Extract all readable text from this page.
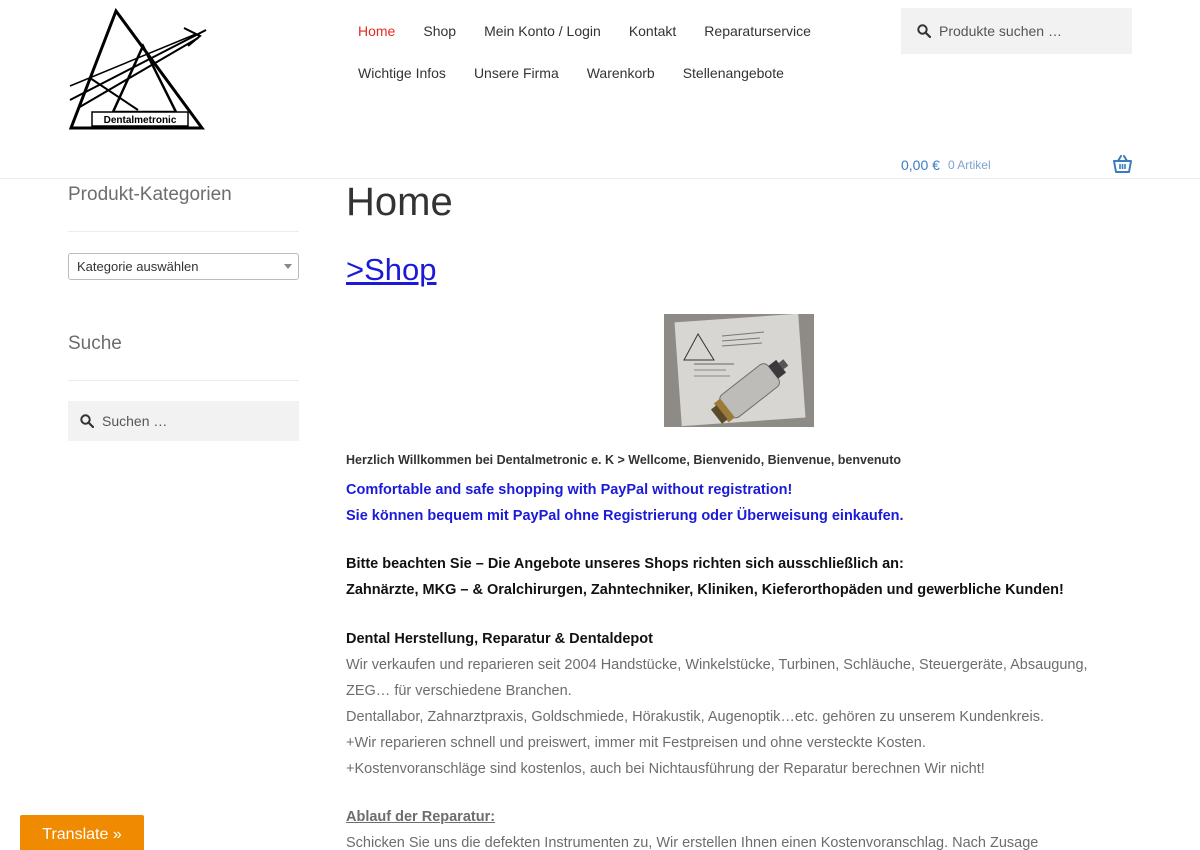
Dentalmetronic
Home	Shop	Mein Konto / Login	Kontakt	Reparaturservice
Wichtige Infos	Unsere Firma	Warenkorb	Stellenangebote
Produkte suchen …
0,00 € 0 Artikel
Produkt-Kategorien
Kategorie auswählen
Suche
Suchen …
Home
>Shop

Herzlich Willkommen bei Dentalmetronic e. K > Wellcome, Bienvenido, Bienvenue, benvenuto

Comfortable and safe shopping with PayPal without registration!

Sie können bequem mit PayPal ohne Registrierung oder Überweisung einkaufen.

Bitte beachten Sie – Die Angebote unseres Shops richten sich ausschließlich an:

Zahnärzte, MKG – & Oralchirurgen, Zahntechniker, Kliniken, Kieferorthopäden und gewerbliche Kunden!

Dental Herstellung, Reparatur & Dentaldepot

Wir verkaufen und reparieren seit 2004 Handstücke, Winkelstücke, Turbinen, Schläuche, Steuergeräte, Absaugung,

ZEG… für verschiedene Branchen.

Dentallabor, Zahnarztpraxis, Goldschmiede, Hörakustik, Augenoptik…etc. gehören zu unserem Kundenkreis.

+Wir reparieren schnell und preiswert, immer mit Festpreisen und ohne versteckte Kosten.

+Kostenvoranschläge sind kostenlos, auch bei Nichtausführung der Reparatur berechnen Wir nicht!

Ablauf der Reparatur:

Schicken Sie uns die defekten Instrumenten zu, Wir erstellen Ihnen einen Kostenvoranschlag. Nach Zusage

Translate »
